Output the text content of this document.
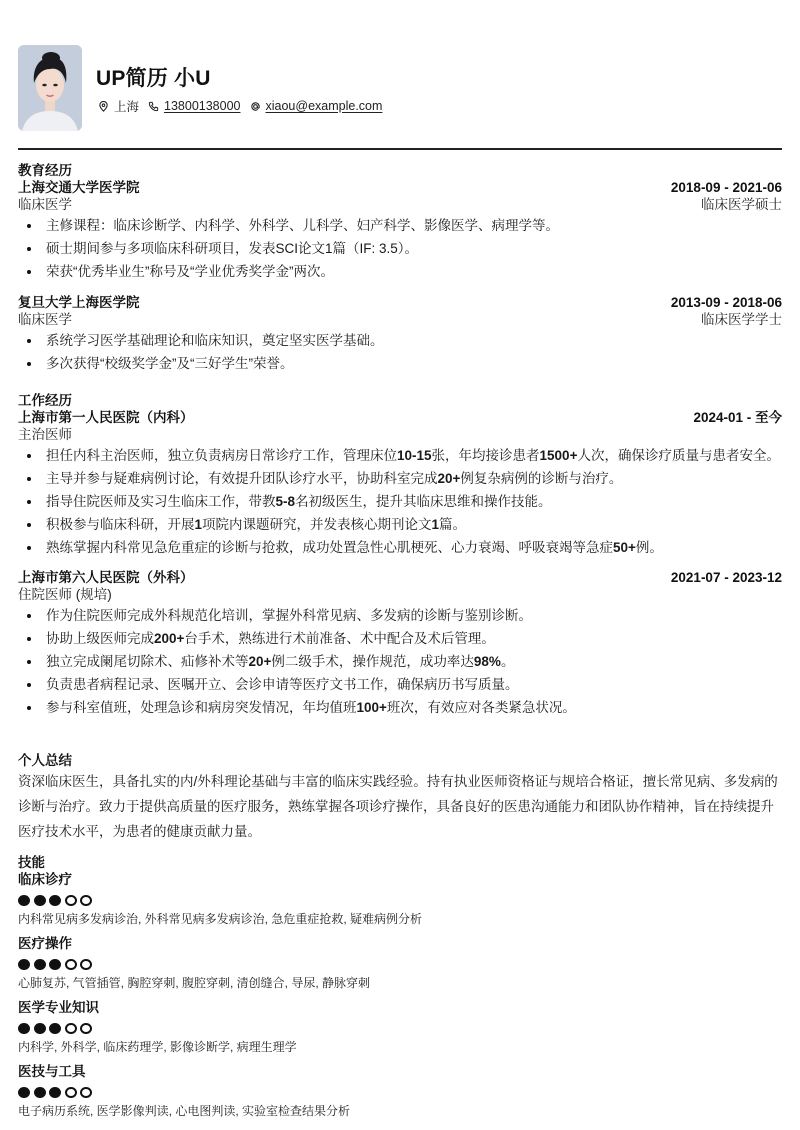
UP简历 小U
上海 13800138000 xiaou@example.com
教育经历
上海交通大学医学院	2018-09 - 2021-06
临床医学	临床医学硕士
主修课程：临床诊断学、内科学、外科学、儿科学、妇产科学、影像医学、病理学等。
硕士期间参与多项临床科研项目，发表SCI论文1篇（IF: 3.5）。
荣获“优秀毕业生”称号及“学业优秀奖学金”两次。
复旦大学上海医学院	2013-09 - 2018-06
临床医学	临床医学学士
系统学习医学基础理论和临床知识，奠定坚实医学基础。
多次获得“校级奖学金”及“三好学生”荣誉。
工作经历
上海市第一人民医院（内科）	2024-01 - 至今
主治医师
担任内科主治医师，独立负责病房日常诊疗工作，管理床位10-15张，年均接诊患者1500+人次，确保诊疗质量与患者安全。
主导并参与疑难病例讨论，有效提升团队诊疗水平，协助科室完成20+例复杂病例的诊断与治疗。
指导住院医师及实习生临床工作，带教5-8名初级医生，提升其临床思维和操作技能。
积极参与临床科研，开展1项院内课题研究，并发表核心期刊论文1篇。
熟练掌握内科常见急危重症的诊断与抢救，成功处置急性心肌梗死、心力衰竭、呼吸衰竭等急症50+例。
上海市第六人民医院（外科）	2021-07 - 2023-12
住院医师 (规培)
作为住院医师完成外科规范化培训，掌握外科常见病、多发病的诊断与鉴别诊断。
协助上级医师完成200+台手术，熟练进行术前准备、术中配合及术后管理。
独立完成阑尾切除术、疝修补术等20+例二级手术，操作规范，成功率达98%。
负责患者病程记录、医嘱开立、会诊申请等医疗文书工作，确保病历书写质量。
参与科室值班，处理急诊和病房突发情况，年均值班100+班次，有效应对各类紧急状况。
个人总结
资深临床医生，具备扎实的内/外科理论基础与丰富的临床实践经验。持有执业医师资格证与规培合格证，擅长常见病、多发病的诊断与治疗。致力于提供高质量的医疗服务，熟练掌握各项诊疗操作，具备良好的医患沟通能力和团队协作精神，旨在持续提升医疗技术水平，为患者的健康贡献力量。
技能
临床诊疗
内科常见病多发病诊治, 外科常见病多发病诊治, 急危重症抢救, 疑难病例分析
医疗操作
心肺复苏, 气管插管, 胸腔穿刺, 腹腔穿刺, 清创缝合, 导尿, 静脉穿刺
医学专业知识
内科学, 外科学, 临床药理学, 影像诊断学, 病理生理学
医技与工具
电子病历系统, 医学影像判读, 心电图判读, 实验室检查结果分析
